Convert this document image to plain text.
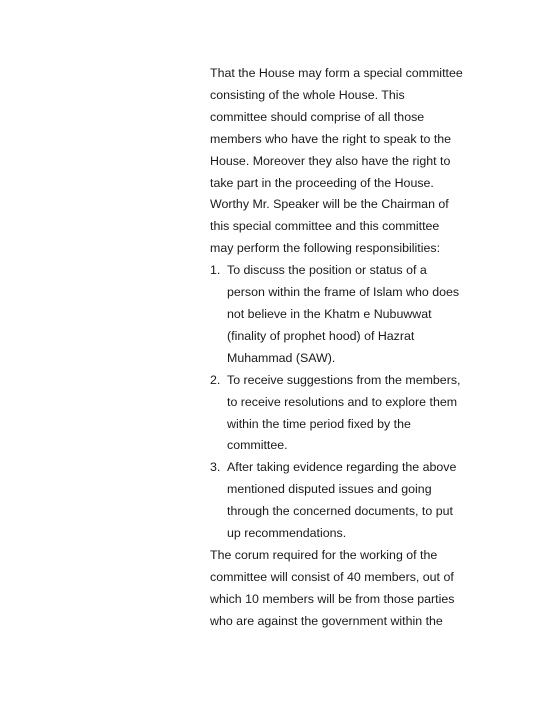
That the House may form a special committee
consisting of the whole House. This
committee should comprise of all those
members who have the right to speak to the
House. Moreover they also have the right to
take part in the proceeding of the House.
Worthy Mr. Speaker will be the Chairman of
this special committee and this committee
may perform the following responsibilities:
1. To discuss the position or status of a
person within the frame of Islam who does
not believe in the Khatm e Nubuwwat
(finality of prophet hood) of Hazrat
Muhammad (SAW).
2. To receive suggestions from the members,
to receive resolutions and to explore them
within the time period fixed by the
committee.
3. After taking evidence regarding the above
mentioned disputed issues and going
through the concerned documents, to put
up recommendations.
The corum required for the working of the
committee will consist of 40 members, out of
which 10 members will be from those parties
who are against the government within the
